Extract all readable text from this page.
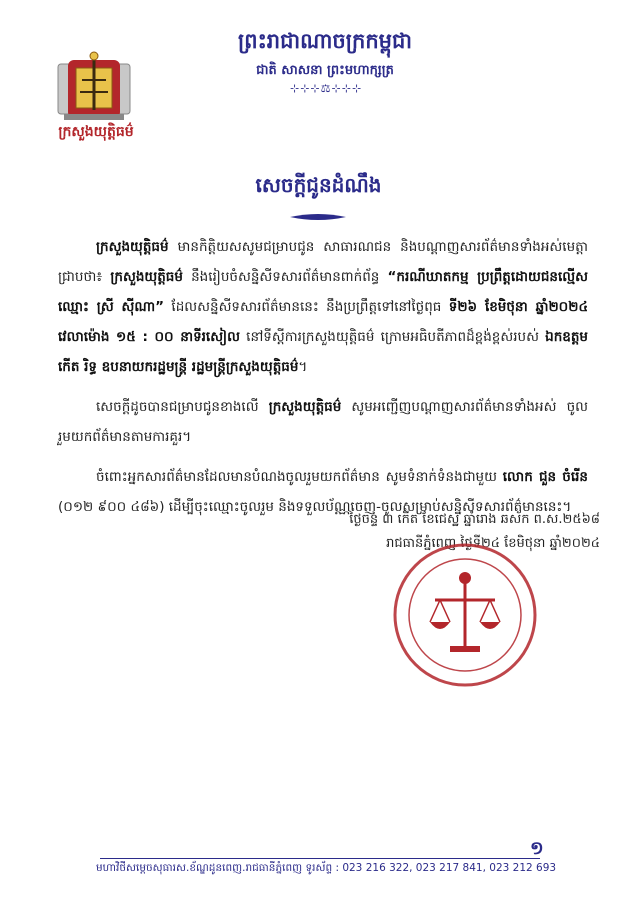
ព្រះរាជាណាចក្រកម្ពុជា
ជាតិ សាសនា ព្រះមហាក្សត្រ
⊹⊹⊹⚖⊹⊹⊹
ក្រសួងយុត្តិធម៌
សេចក្តីជូនដំណឹង

ក្រសួងយុត្តិធម៌ មានកិត្តិយសសូមជម្រាបជូន សាធារណជន និងបណ្តាញសារព័ត៌មានទាំងអស់មេត្តាជ្រាបថា៖ ក្រសួងយុត្តិធម៌ នឹងរៀបចំសន្និសីទសារព័ត៌មានពាក់ព័ន្ធ “ករណីឃាតកម្ម ប្រព្រឹត្តដោយជនល្មើសឈ្មោះ ស្រី ស៊ីណា” ដែលសន្និសីទសារព័ត៌មាននេះ នឹងប្រព្រឹត្តទៅនៅថ្ងៃពុធ ទី២៦ ខែមិថុនា ឆ្នាំ២០២៤ វេលាម៉ោង ១៥ : ០០ នាទីរសៀល នៅទីស្តីការក្រសួងយុត្តិធម៌ ក្រោមអធិបតីភាពដ៏ខ្ពង់ខ្ពស់របស់ ឯកឧត្តម កើត រិទ្ធ ឧបនាយករដ្ឋមន្ត្រី រដ្ឋមន្ត្រីក្រសួងយុត្តិធម៌។

សេចក្តីដូចបានជម្រាបជូនខាងលើ ក្រសួងយុត្តិធម៌ សូមអញ្ជើញបណ្តាញសារព័ត៌មានទាំងអស់ ចូលរួមយកព័ត៌មានតាមការគួរ។

ចំពោះអ្នកសារព័ត៌មានដែលមានបំណងចូលរួមយកព័ត៌មាន សូមទំនាក់ទំនងជាមួយ លោក ជួន ចំរើន (០១២ ៩០០ ៤៨៦) ដើម្បីចុះឈ្មោះចូលរួម និងទទួលប័ណ្ណចេញ-ចូលសម្រាប់សន្និសីទសារព័ត៌មាននេះ។

ថ្ងៃចន្ទ ៣ កើត ខែជេស្ឋ ឆ្នាំរោង ឆស័ក ព.ស.២៥៦៨
រាជធានីភ្នំពេញ ថ្ងៃទី២៤ ខែមិថុនា ឆ្នាំ២០២៤
១
មហាវិថីសម្តេចសុធារស.ខ័ណ្ឌដូនពេញ.រាជធានីភ្នំពេញ ទូរស័ព្ទ : 023 216 322, 023 217 841, 023 212 693
